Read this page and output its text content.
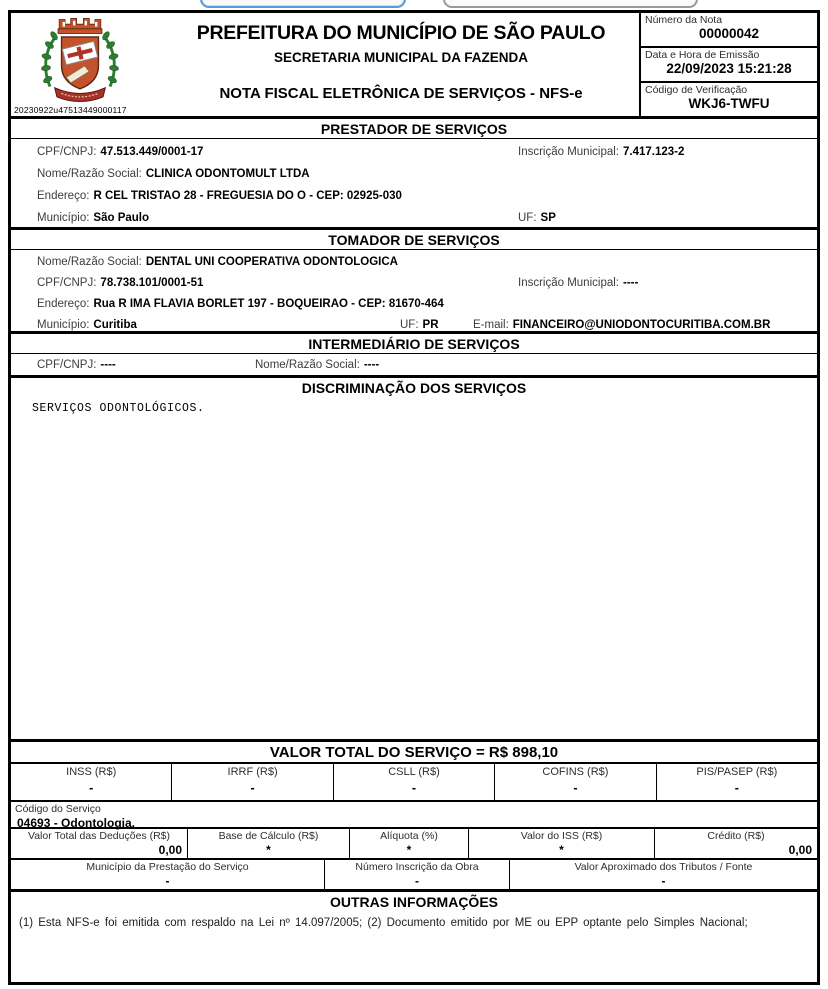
20230922u47513449000117
PREFEITURA DO MUNICÍPIO DE SÃO PAULO
SECRETARIA MUNICIPAL DA FAZENDA
NOTA FISCAL ELETRÔNICA DE SERVIÇOS - NFS-e
Número da Nota
00000042
Data e Hora de Emissão
22/09/2023 15:21:28
Código de Verificação
WKJ6-TWFU
PRESTADOR DE SERVIÇOS
CPF/CNPJ: 47.513.449/0001-17	Inscrição Municipal: 7.417.123-2
Nome/Razão Social: CLINICA ODONTOMULT LTDA
Endereço: R CEL TRISTAO 28 - FREGUESIA DO O - CEP: 02925-030
Município: São Paulo	UF: SP
TOMADOR DE SERVIÇOS
Nome/Razão Social: DENTAL UNI COOPERATIVA ODONTOLOGICA
CPF/CNPJ: 78.738.101/0001-51	Inscrição Municipal: ----
Endereço: Rua R IMA FLAVIA BORLET 197 - BOQUEIRAO - CEP: 81670-464
Município: Curitiba	UF: PR	E-mail: FINANCEIRO@UNIODONTOCURITIBA.COM.BR
INTERMEDIÁRIO DE SERVIÇOS
CPF/CNPJ: ----	Nome/Razão Social: ----
DISCRIMINAÇÃO DOS SERVIÇOS
SERVIÇOS ODONTOLÓGICOS.
VALOR TOTAL DO SERVIÇO = R$ 898,10
INSS (R$)
-
IRRF (R$)
-
CSLL (R$)
-
COFINS (R$)
-
PIS/PASEP (R$)
-
Código do Serviço
04693 - Odontologia.
Valor Total das Deduções (R$)
0,00
Base de Cálculo (R$)
*
Alíquota (%)
*
Valor do ISS (R$)
*
Crédito (R$)
0,00
Município da Prestação do Serviço
-
Número Inscrição da Obra
-
Valor Aproximado dos Tributos / Fonte
-
OUTRAS INFORMAÇÕES
(1) Esta NFS-e foi emitida com respaldo na Lei nº 14.097/2005; (2) Documento emitido por ME ou EPP optante pelo Simples Nacional;
